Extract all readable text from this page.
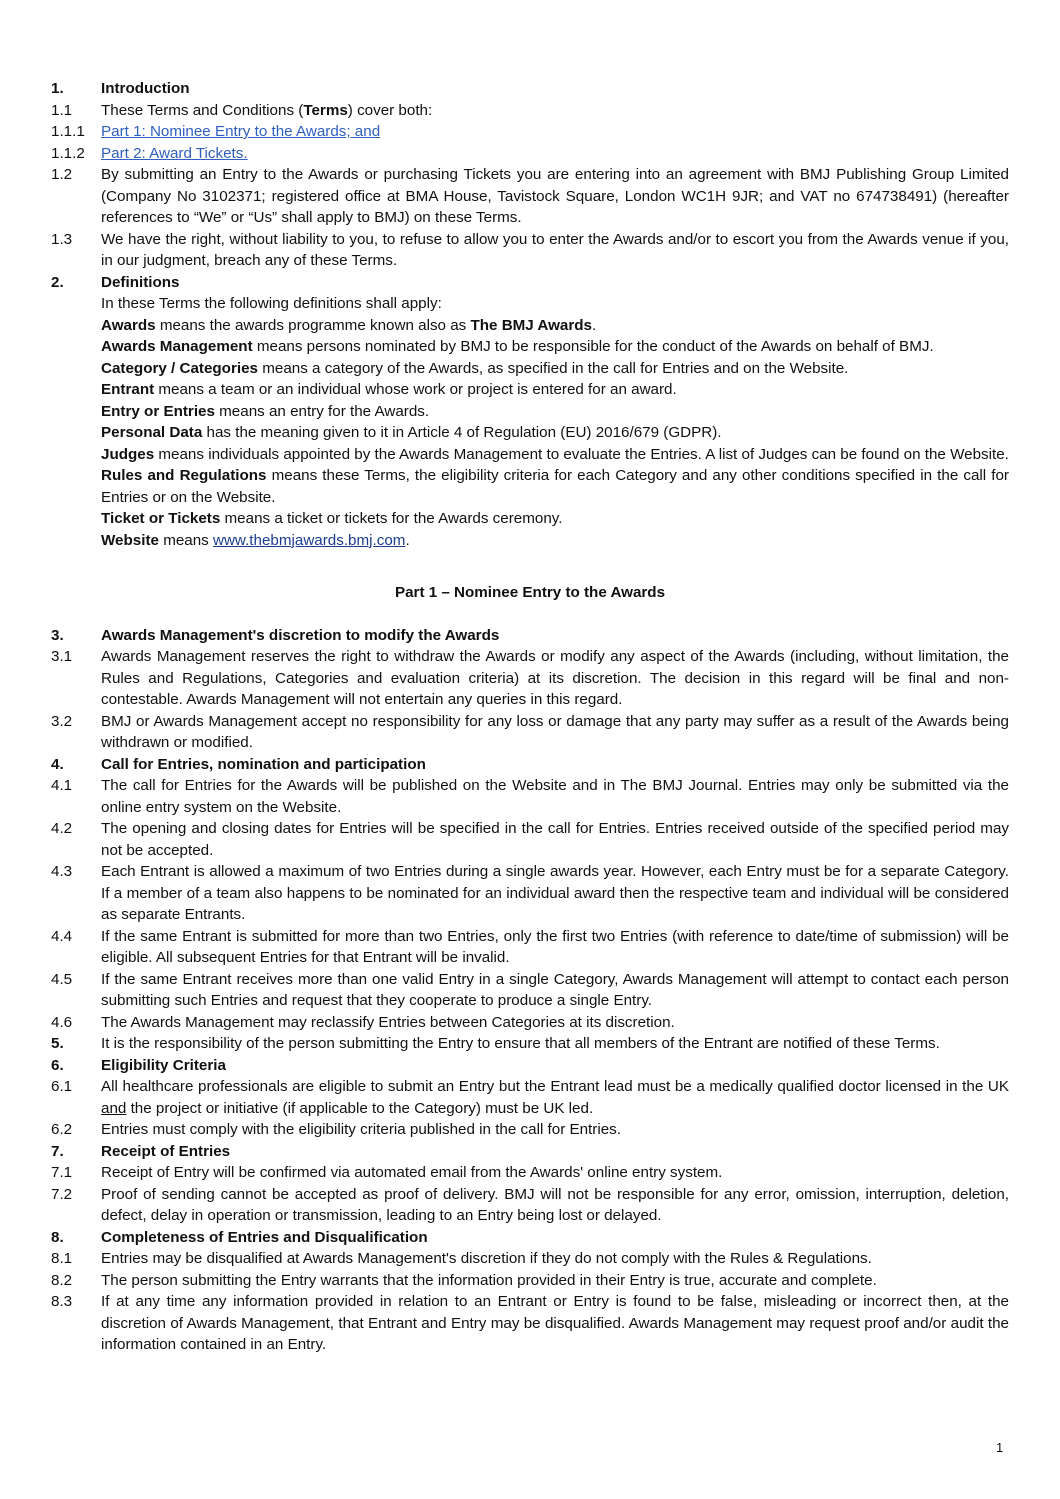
1.	Introduction
1.1	These Terms and Conditions (Terms) cover both:
1.1.1	Part 1: Nominee Entry to the Awards; and
1.1.2	Part 2: Award Tickets.
1.2	By submitting an Entry to the Awards or purchasing Tickets you are entering into an agreement with BMJ Publishing Group Limited (Company No 3102371; registered office at BMA House, Tavistock Square, London WC1H 9JR; and VAT no 674738491) (hereafter references to “We” or “Us” shall apply to BMJ) on these Terms.
1.3	We have the right, without liability to you, to refuse to allow you to enter the Awards and/or to escort you from the Awards venue if you, in our judgment, breach any of these Terms.
2.	Definitions
In these Terms the following definitions shall apply:
Awards means the awards programme known also as The BMJ Awards.
Awards Management means persons nominated by BMJ to be responsible for the conduct of the Awards on behalf of BMJ.
Category / Categories means a category of the Awards, as specified in the call for Entries and on the Website.
Entrant means a team or an individual whose work or project is entered for an award.
Entry or Entries means an entry for the Awards.
Personal Data has the meaning given to it in Article 4 of Regulation (EU) 2016/679 (GDPR).
Judges means individuals appointed by the Awards Management to evaluate the Entries. A list of Judges can be found on the Website.
Rules and Regulations means these Terms, the eligibility criteria for each Category and any other conditions specified in the call for Entries or on the Website.
Ticket or Tickets means a ticket or tickets for the Awards ceremony.
Website means www.thebmjawards.bmj.com.
Part 1 – Nominee Entry to the Awards
3.	Awards Management's discretion to modify the Awards
3.1	Awards Management reserves the right to withdraw the Awards or modify any aspect of the Awards (including, without limitation, the Rules and Regulations, Categories and evaluation criteria) at its discretion. The decision in this regard will be final and non-contestable. Awards Management will not entertain any queries in this regard.
3.2	BMJ or Awards Management accept no responsibility for any loss or damage that any party may suffer as a result of the Awards being withdrawn or modified.
4.	Call for Entries, nomination and participation
4.1	The call for Entries for the Awards will be published on the Website and in The BMJ Journal. Entries may only be submitted via the online entry system on the Website.
4.2	The opening and closing dates for Entries will be specified in the call for Entries. Entries received outside of the specified period may not be accepted.
4.3	Each Entrant is allowed a maximum of two Entries during a single awards year. However, each Entry must be for a separate Category. If a member of a team also happens to be nominated for an individual award then the respective team and individual will be considered as separate Entrants.
4.4	If the same Entrant is submitted for more than two Entries, only the first two Entries (with reference to date/time of submission) will be eligible. All subsequent Entries for that Entrant will be invalid.
4.5	If the same Entrant receives more than one valid Entry in a single Category, Awards Management will attempt to contact each person submitting such Entries and request that they cooperate to produce a single Entry.
4.6	The Awards Management may reclassify Entries between Categories at its discretion.
5.	It is the responsibility of the person submitting the Entry to ensure that all members of the Entrant are notified of these Terms.
6.	Eligibility Criteria
6.1	All healthcare professionals are eligible to submit an Entry but the Entrant lead must be a medically qualified doctor licensed in the UK and the project or initiative (if applicable to the Category) must be UK led.
6.2	Entries must comply with the eligibility criteria published in the call for Entries.
7.	Receipt of Entries
7.1	Receipt of Entry will be confirmed via automated email from the Awards' online entry system.
7.2	Proof of sending cannot be accepted as proof of delivery. BMJ will not be responsible for any error, omission, interruption, deletion, defect, delay in operation or transmission, leading to an Entry being lost or delayed.
8.	Completeness of Entries and Disqualification
8.1	Entries may be disqualified at Awards Management's discretion if they do not comply with the Rules & Regulations.
8.2	The person submitting the Entry warrants that the information provided in their Entry is true, accurate and complete.
8.3	If at any time any information provided in relation to an Entrant or Entry is found to be false, misleading or incorrect then, at the discretion of Awards Management, that Entrant and Entry may be disqualified. Awards Management may request proof and/or audit the information contained in an Entry.
1
